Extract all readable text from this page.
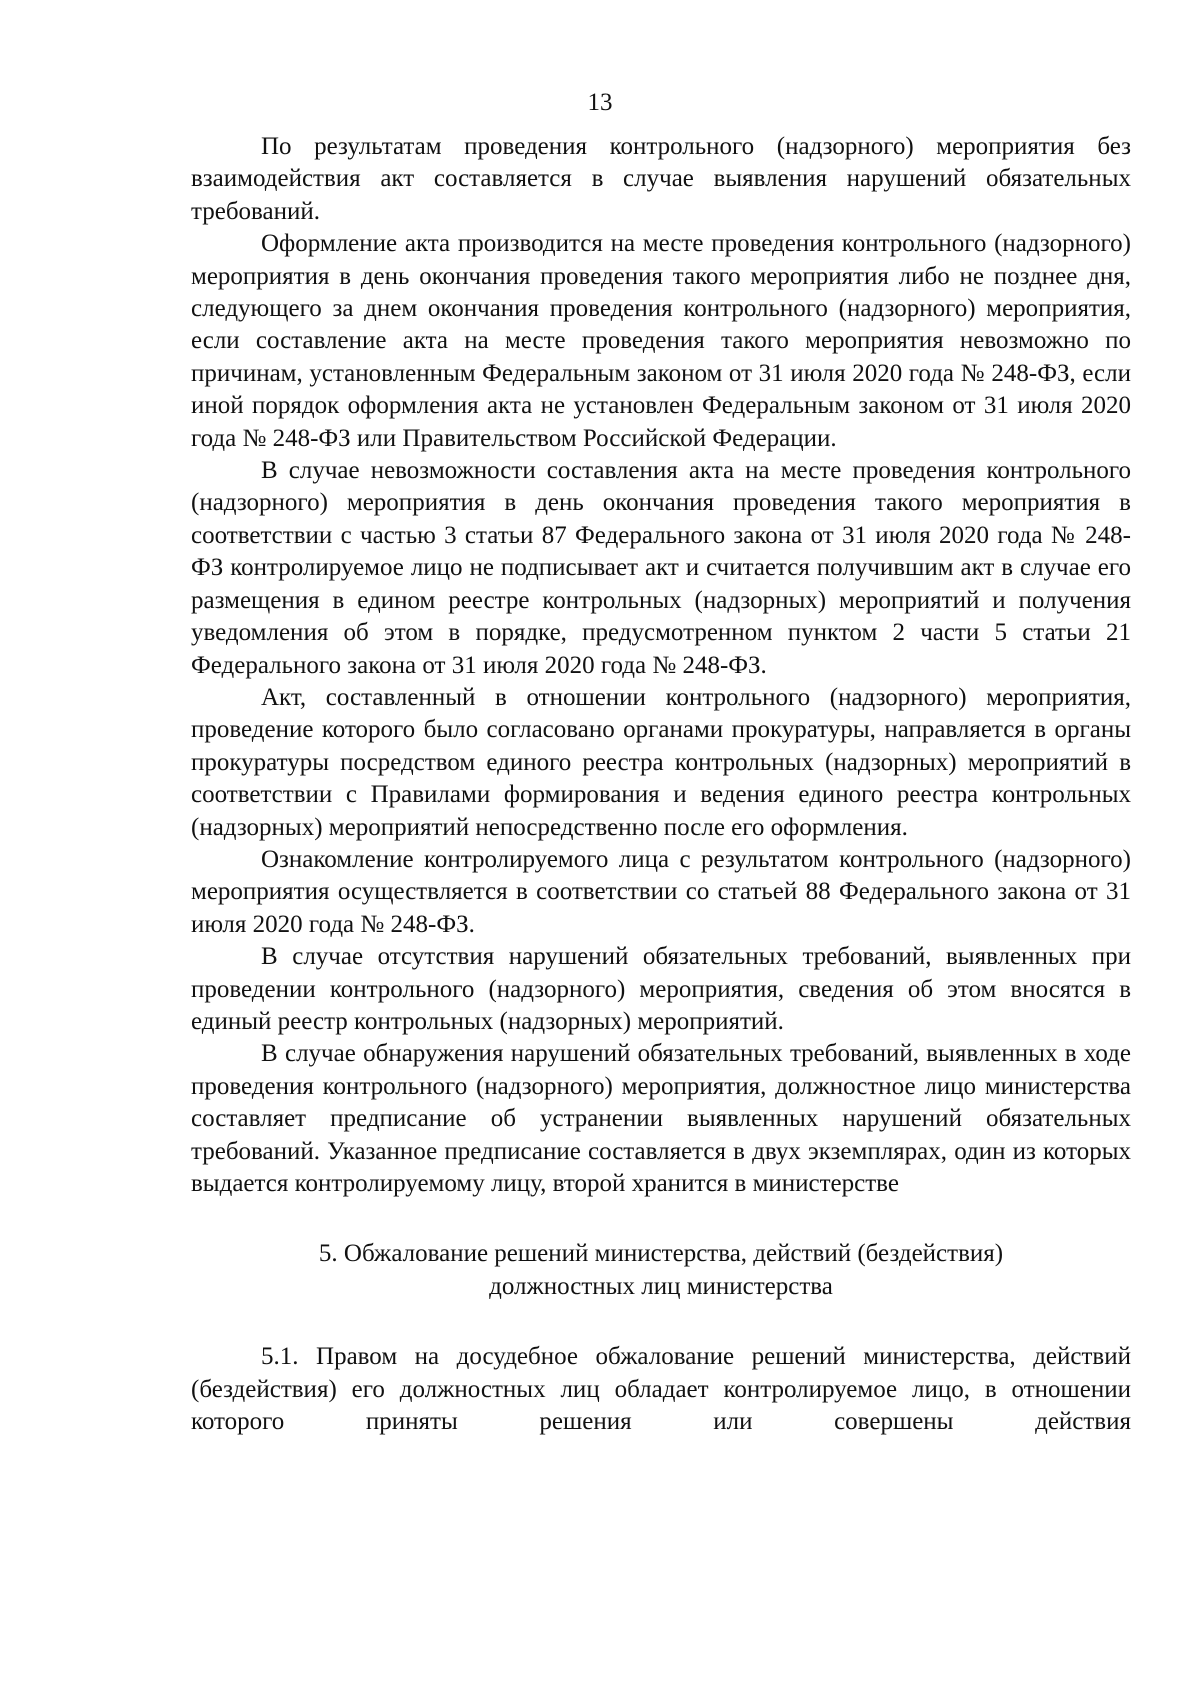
13

По результатам проведения контрольного (надзорного) мероприятия без взаимодействия акт составляется в случае выявления нарушений обязательных требований.

Оформление акта производится на месте проведения контрольного (надзорного) мероприятия в день окончания проведения такого мероприятия либо не позднее дня, следующего за днем окончания проведения контрольного (надзорного) мероприятия, если составление акта на месте проведения такого мероприятия невозможно по причинам, установленным Федеральным законом от 31 июля 2020 года № 248-ФЗ, если иной порядок оформления акта не установлен Федеральным законом от 31 июля 2020 года № 248-ФЗ или Правительством Российской Федерации.

В случае невозможности составления акта на месте проведения контрольного (надзорного) мероприятия в день окончания проведения такого мероприятия в соответствии с частью 3 статьи 87 Федерального закона от 31 июля 2020 года № 248-ФЗ контролируемое лицо не подписывает акт и считается получившим акт в случае его размещения в едином реестре контрольных (надзорных) мероприятий и получения уведомления об этом в порядке, предусмотренном пунктом 2 части 5 статьи 21 Федерального закона от 31 июля 2020 года № 248-ФЗ.

Акт, составленный в отношении контрольного (надзорного) мероприятия, проведение которого было согласовано органами прокуратуры, направляется в органы прокуратуры посредством единого реестра контрольных (надзорных) мероприятий в соответствии с Правилами формирования и ведения единого реестра контрольных (надзорных) мероприятий непосредственно после его оформления.

Ознакомление контролируемого лица с результатом контрольного (надзорного) мероприятия осуществляется в соответствии со статьей 88 Федерального закона от 31 июля 2020 года № 248-ФЗ.

В случае отсутствия нарушений обязательных требований, выявленных при проведении контрольного (надзорного) мероприятия, сведения об этом вносятся в единый реестр контрольных (надзорных) мероприятий.

В случае обнаружения нарушений обязательных требований, выявленных в ходе проведения контрольного (надзорного) мероприятия, должностное лицо министерства составляет предписание об устранении выявленных нарушений обязательных требований. Указанное предписание составляется в двух экземплярах, один из которых выдается контролируемому лицу, второй хранится в министерстве

5. Обжалование решений министерства, действий (бездействия)

должностных лиц министерства

5.1. Правом на досудебное обжалование решений министерства, действий (бездействия) его должностных лиц обладает контролируемое лицо, в отношении которого приняты решения или совершены действия
